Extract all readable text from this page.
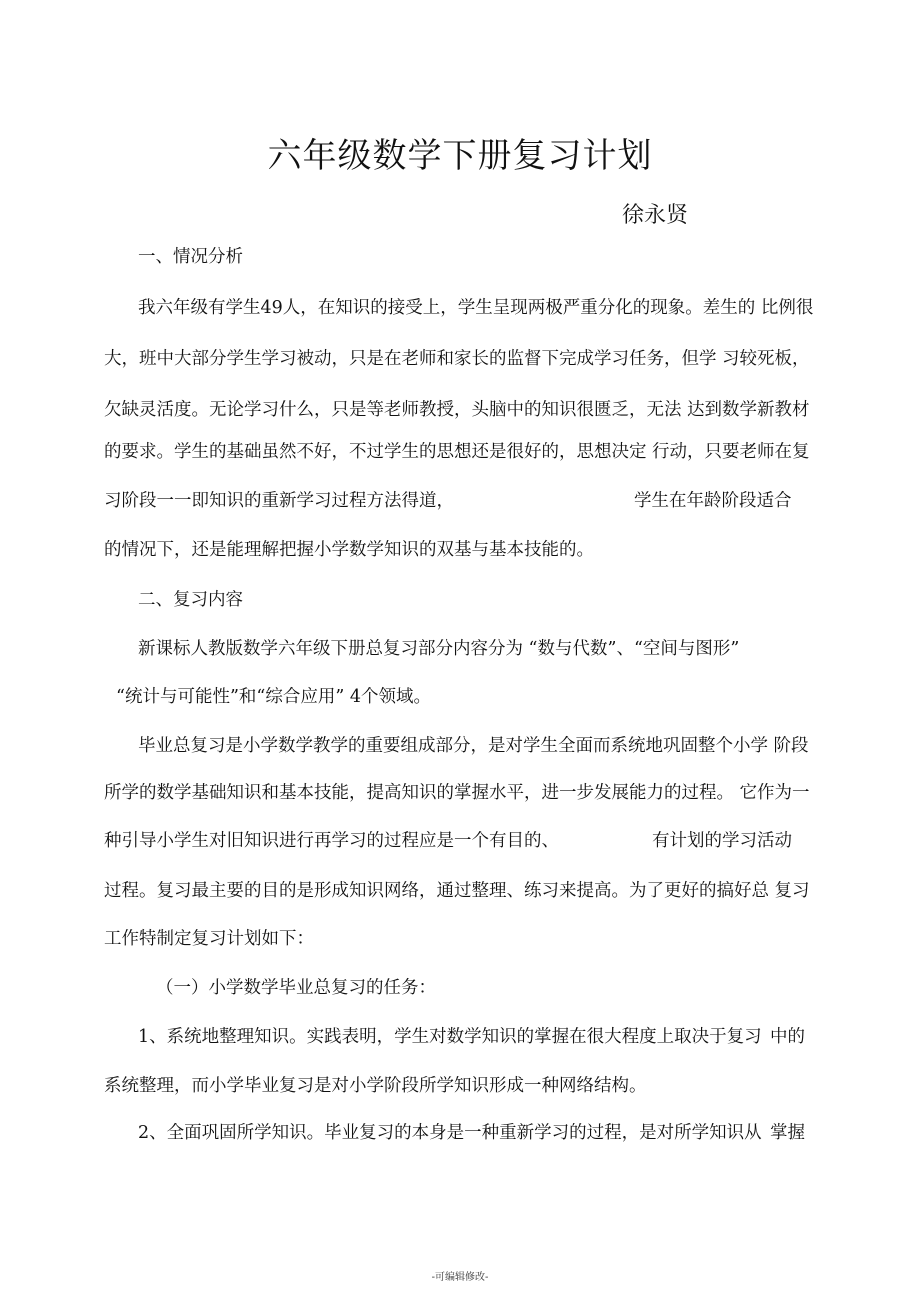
六年级数学下册复习计划
徐永贤
一、情况分析
我六年级有学生49人，在知识的接受上，学生呈现两极严重分化的现象。差生的 比例很
大，班中大部分学生学习被动，只是在老师和家长的监督下完成学习任务，但学 习较死板，
欠缺灵活度。无论学习什么，只是等老师教授，头脑中的知识很匮乏，无法 达到数学新教材
的要求。学生的基础虽然不好，不过学生的思想还是很好的，思想决定 行动，只要老师在复
习阶段一一即知识的重新学习过程方法得道，	学生在年龄阶段适合
的情况下，还是能理解把握小学数学知识的双基与基本技能的。
二、复习内容
新课标人教版数学六年级下册总复习部分内容分为 “数与代数”、“空间与图形”
“统计与可能性”和“综合应用” 4个领域。
毕业总复习是小学数学教学的重要组成部分，是对学生全面而系统地巩固整个小学 阶段
所学的数学基础知识和基本技能，提高知识的掌握水平，进一步发展能力的过程。 它作为一
种引导小学生对旧知识进行再学习的过程应是一个有目的、	有计划的学习活动
过程。复习最主要的目的是形成知识网络，通过整理、练习来提高。为了更好的搞好总 复习
工作特制定复习计划如下：
（一）小学数学毕业总复习的任务：
1、系统地整理知识。实践表明，学生对数学知识的掌握在很大程度上取决于复习 中的
系统整理，而小学毕业复习是对小学阶段所学知识形成一种网络结构。
2、全面巩固所学知识。毕业复习的本身是一种重新学习的过程，是对所学知识从 掌握
-可编辑修改-
